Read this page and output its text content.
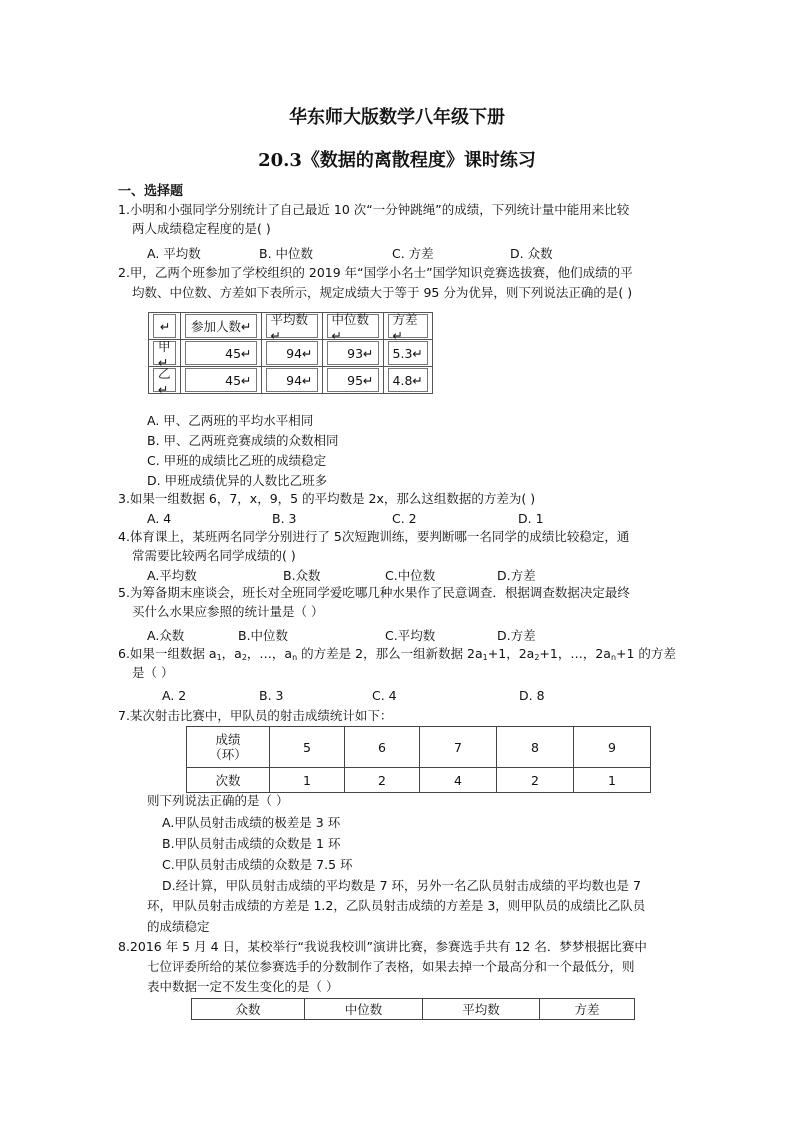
华东师大版数学八年级下册
20.3《数据的离散程度》课时练习
一、选择题
1.小明和小强同学分别统计了自己最近 10 次“一分钟跳绳”的成绩，下列统计量中能用来比较
两人成绩稳定程度的是( )
A. 平均数	B. 中位数	C. 方差	D. 众数
2.甲，乙两个班参加了学校组织的 2019 年“国学小名士”国学知识竞赛选拔赛，他们成绩的平
均数、中位数、方差如下表所示，规定成绩大于等于 95 分为优异，则下列说法正确的是( )
↵	参加人数↵	平均数↵	中位数↵	方差↵

甲↵	45↵	94↵	93↵	5.3↵

乙↵	45↵	94↵	95↵	4.8↵
A. 甲、乙两班的平均水平相同
B. 甲、乙两班竞赛成绩的众数相同
C. 甲班的成绩比乙班的成绩稳定
D. 甲班成绩优异的人数比乙班多
3.如果一组数据 6，7，x，9，5 的平均数是 2x，那么这组数据的方差为( )
A. 4	B. 3	C. 2	D. 1
4.体育课上，某班两名同学分别进行了 5次短跑训练，要判断哪一名同学的成绩比较稳定，通
常需要比较两名同学成绩的( )
A.平均数	B.众数	C.中位数	D.方差
5.为筹备期末座谈会，班长对全班同学爱吃哪几种水果作了民意调查．根据调查数据决定最终
买什么水果应参照的统计量是（ ）
A.众数	B.中位数	C.平均数	D.方差
6.如果一组数据 $a_1$，$a_2$，…，$a_n$ 的方差是 2，那么一组新数据 $2a_1+1$，$2a_2+1$，…，$2a_n+1$ 的方差
是（ ）
A. 2	B. 3	C. 4	D. 8
7.某次射击比赛中，甲队员的射击成绩统计如下：
成绩
（环）	5	6	7	8	9
次数	1	2	4	2	1
则下列说法正确的是（ ）
A.甲队员射击成绩的极差是 3 环
B.甲队员射击成绩的众数是 1 环
C.甲队员射击成绩的众数是 7.5 环
D.经计算，甲队员射击成绩的平均数是 7 环，另外一名乙队员射击成绩的平均数也是 7
环，甲队员射击成绩的方差是 1.2，乙队员射击成绩的方差是 3，则甲队员的成绩比乙队员
的成绩稳定
8.2016 年 5 月 4 日，某校举行“我说我校训”演讲比赛，参赛选手共有 12 名．梦梦根据比赛中
七位评委所给的某位参赛选手的分数制作了表格，如果去掉一个最高分和一个最低分，则
表中数据一定不发生变化的是（ ）
众数	中位数	平均数	方差
